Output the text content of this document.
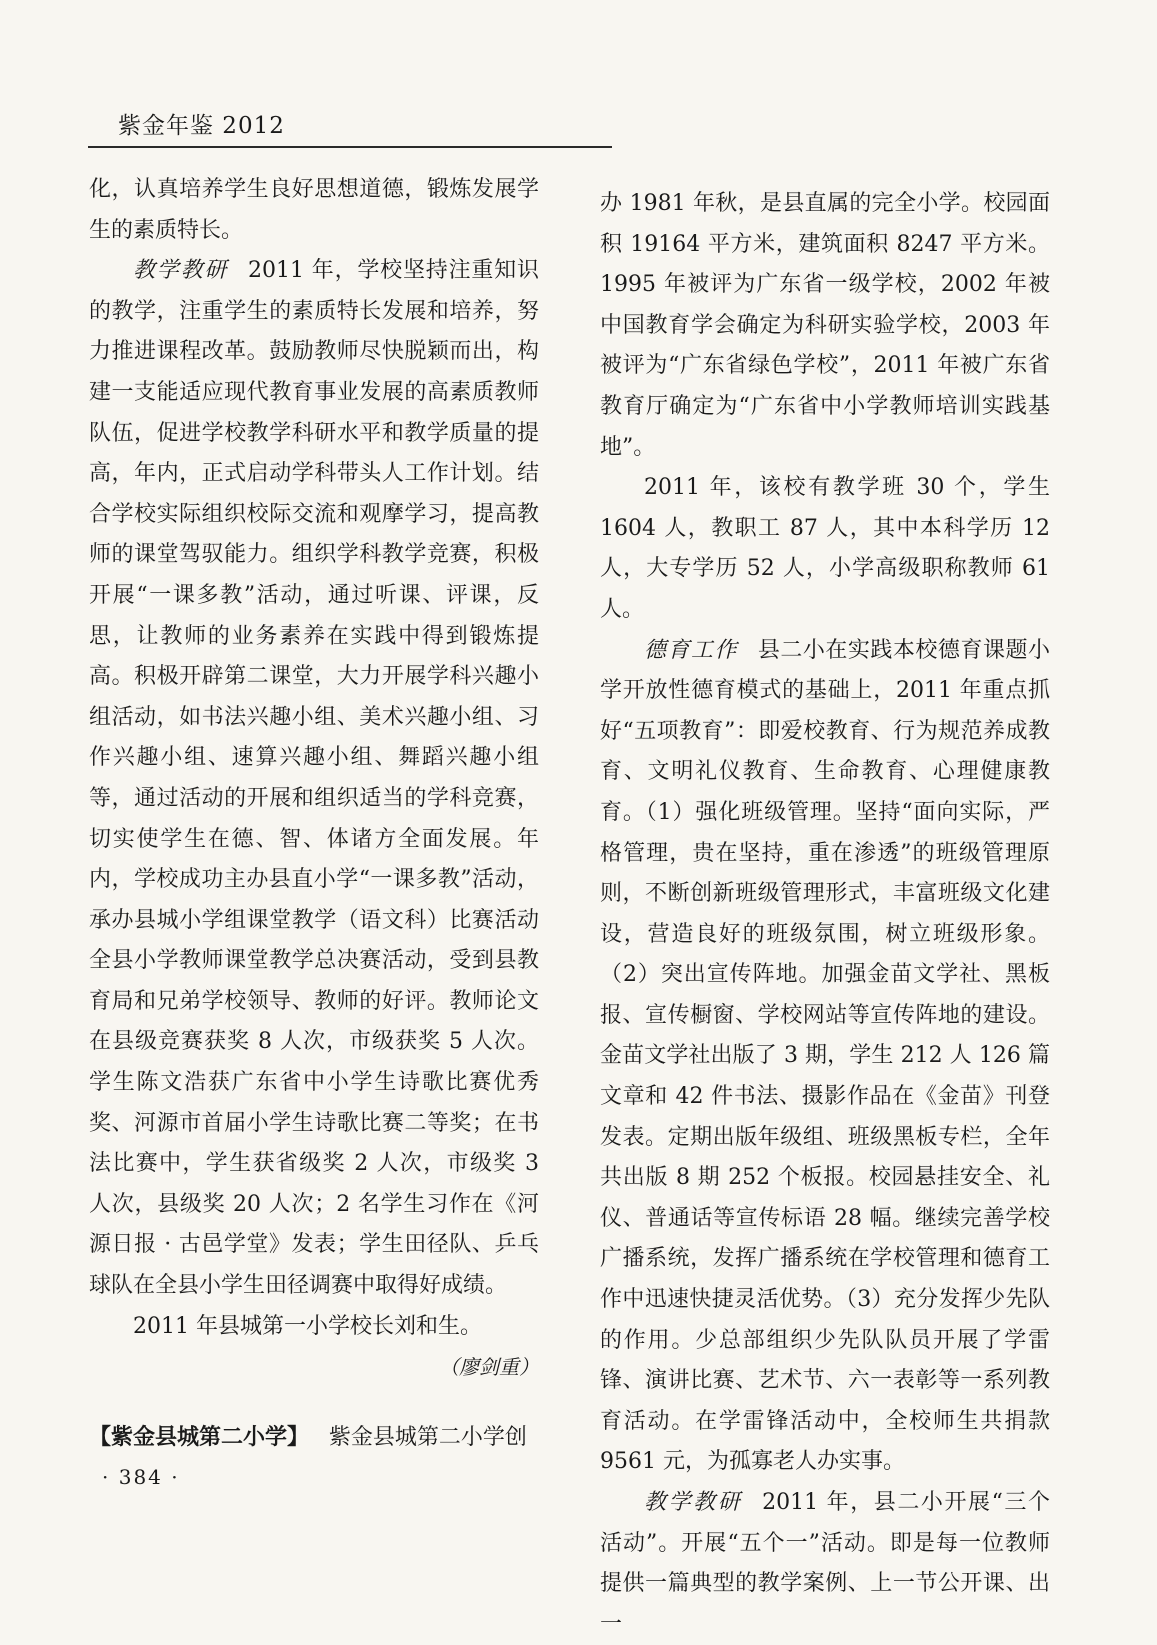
紫金年鉴 2012

化，认真培养学生良好思想道德，锻炼发展学生的素质特长。

教学教研 2011 年，学校坚持注重知识的教学，注重学生的素质特长发展和培养，努力推进课程改革。鼓励教师尽快脱颖而出，构建一支能适应现代教育事业发展的高素质教师队伍，促进学校教学科研水平和教学质量的提高，年内，正式启动学科带头人工作计划。结合学校实际组织校际交流和观摩学习，提高教师的课堂驾驭能力。组织学科教学竞赛，积极开展“一课多教”活动，通过听课、评课，反思，让教师的业务素养在实践中得到锻炼提高。积极开辟第二课堂，大力开展学科兴趣小组活动，如书法兴趣小组、美术兴趣小组、习作兴趣小组、速算兴趣小组、舞蹈兴趣小组等，通过活动的开展和组织适当的学科竞赛，切实使学生在德、智、体诸方全面发展。年内，学校成功主办县直小学“一课多教”活动，承办县城小学组课堂教学（语文科）比赛活动全县小学教师课堂教学总决赛活动，受到县教育局和兄弟学校领导、教师的好评。教师论文在县级竞赛获奖 8 人次，市级获奖 5 人次。学生陈文浩获广东省中小学生诗歌比赛优秀奖、河源市首届小学生诗歌比赛二等奖；在书法比赛中，学生获省级奖 2 人次，市级奖 3 人次，县级奖 20 人次；2 名学生习作在《河源日报 · 古邑学堂》发表；学生田径队、乒乓球队在全县小学生田径调赛中取得好成绩。

2011 年县城第一小学校长刘和生。

（廖剑重）

【紫金县城第二小学】 紫金县城第二小学创

办 1981 年秋，是县直属的完全小学。校园面积 19164 平方米，建筑面积 8247 平方米。1995 年被评为广东省一级学校，2002 年被中国教育学会确定为科研实验学校，2003 年被评为“广东省绿色学校”，2011 年被广东省教育厅确定为“广东省中小学教师培训实践基地”。

2011 年，该校有教学班 30 个，学生 1604 人，教职工 87 人，其中本科学历 12 人，大专学历 52 人，小学高级职称教师 61 人。

德育工作 县二小在实践本校德育课题小学开放性德育模式的基础上，2011 年重点抓好“五项教育”：即爱校教育、行为规范养成教育、文明礼仪教育、生命教育、心理健康教育。（1）强化班级管理。坚持“面向实际，严格管理，贵在坚持，重在渗透”的班级管理原则，不断创新班级管理形式，丰富班级文化建设，营造良好的班级氛围，树立班级形象。（2）突出宣传阵地。加强金苗文学社、黑板报、宣传橱窗、学校网站等宣传阵地的建设。金苗文学社出版了 3 期，学生 212 人 126 篇文章和 42 件书法、摄影作品在《金苗》刊登发表。定期出版年级组、班级黑板专栏，全年共出版 8 期 252 个板报。校园悬挂安全、礼仪、普通话等宣传标语 28 幅。继续完善学校广播系统，发挥广播系统在学校管理和德育工作中迅速快捷灵活优势。（3）充分发挥少先队的作用。少总部组织少先队队员开展了学雷锋、演讲比赛、艺术节、六一表彰等一系列教育活动。在学雷锋活动中，全校师生共捐款 9561 元，为孤寡老人办实事。

教学教研 2011 年，县二小开展“三个活动”。开展“五个一”活动。即是每一位教师提供一篇典型的教学案例、上一节公开课、出一

· 384 ·
